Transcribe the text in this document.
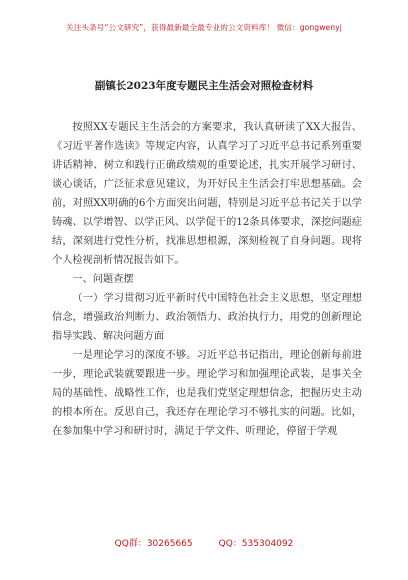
关注头条号“公文研究”，获得最新最全最专业的公文资料库！ 微信：gongwenyj
副镇长2023年度专题民主生活会对照检查材料

按照XX专题民主生活会的方案要求，我认真研读了XX大报告、《习近平著作选读》等规定内容，认真学习了习近平总书记系列重要讲话精神、树立和践行正确政绩观的重要论述，扎实开展学习研讨、谈心谈话，广泛征求意见建议，为开好民主生活会打牢思想基础。会前，对照XX明确的6个方面突出问题，特别是习近平总书记关于以学铸魂、以学增智、以学正风、以学促干的12条具体要求，深挖问题症结，深刻进行党性分析，找准思想根源，深刻检视了自身问题。现将个人检视剖析情况报告如下。

一、问题查摆

（一）学习贯彻习近平新时代中国特色社会主义思想，坚定理想信念，增强政治判断力、政治领悟力、政治执行力，用党的创新理论指导实践、解决问题方面

一是理论学习的深度不够。习近平总书记指出，理论创新每前进一步，理论武装就要跟进一步。理论学习和加强理论武装，是事关全局的基础性、战略性工作，也是我们党坚定理想信念，把握历史主动的根本所在。反思自己，我还存在理论学习不够扎实的问题。比如，在参加集中学习和研讨时，满足于学文件、听理论，停留于学观

QQ群：30265665	QQ：535304092
